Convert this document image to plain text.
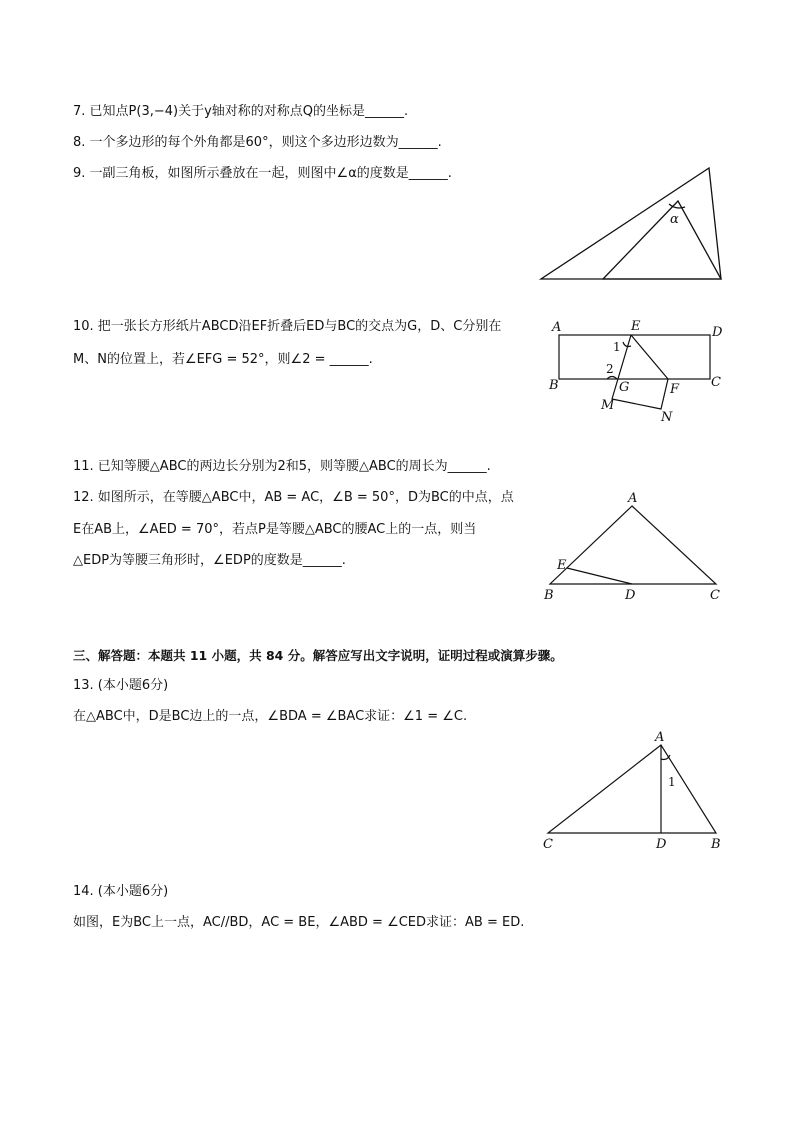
7. 已知点P(3,−4)关于y轴对称的对称点Q的坐标是______.
8. 一个多边形的每个外角都是60°，则这个多边形边数为______.
9. 一副三角板，如图所示叠放在一起，则图中∠α的度数是______.
10. 把一张长方形纸片ABCD沿EF折叠后ED与BC的交点为G，D、C分别在
M、N的位置上，若∠EFG = 52°，则∠2 = ______.
11. 已知等腰△ABC的两边长分别为2和5，则等腰△ABC的周长为______.
12. 如图所示，在等腰△ABC中，AB = AC，∠B = 50°，D为BC的中点，点
E在AB上，∠AED = 70°，若点P是等腰△ABC的腰AC上的一点，则当
△EDP为等腰三角形时，∠EDP的度数是______.
三、解答题：本题共 11 小题，共 84 分。解答应写出文字说明，证明过程或演算步骤。
13. (本小题6分)
在△ABC中，D是BC边上的一点，∠BDA = ∠BAC求证：∠1 = ∠C.
14. (本小题6分)
如图，E为BC上一点，AC//BD，AC = BE，∠ABD = ∠CED求证：AB = ED.
α
A	E	D
B	C
G	F
M
N
1
2
A
E
B	D	C
A
C	D	B
1
